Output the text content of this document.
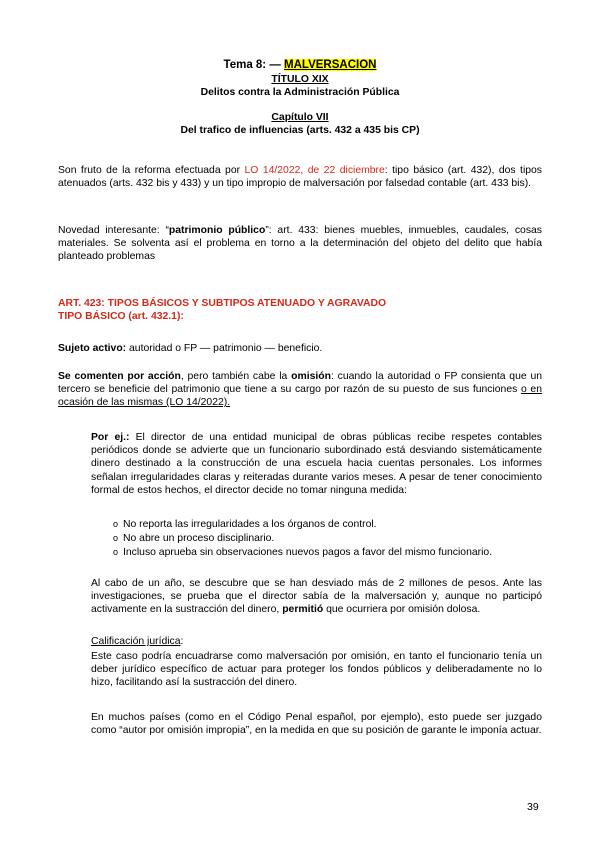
Tema 8: — MALVERSACION

TÍTULO XIX

Delitos contra la Administración Pública

Capítulo VII

Del trafico de influencias (arts. 432 a 435 bis CP)

Son fruto de la reforma efectuada por LO 14/2022, de 22 diciembre: tipo básico (art. 432), dos tipos atenuados (arts. 432 bis y 433) y un tipo impropio de malversación por falsedad contable (art. 433 bis).

Novedad interesante: “patrimonio público”: art. 433: bienes muebles, inmuebles, caudales, cosas materiales. Se solventa así el problema en torno a la determinación del objeto del delito que había planteado problemas

ART. 423: TIPOS BÁSICOS Y SUBTIPOS ATENUADO Y AGRAVADO

TIPO BÁSICO (art. 432.1):

Sujeto activo: autoridad o FP — patrimonio — beneficio.

Se comenten por acción, pero también cabe la omisión: cuando la autoridad o FP consienta que un tercero se beneficie del patrimonio que tiene a su cargo por razón de su puesto de sus funciones o en ocasión de las mismas (LO 14/2022).

Por ej.: El director de una entidad municipal de obras públicas recibe respetes contables periódicos donde se advierte que un funcionario subordinado está desviando sistemáticamente dinero destinado a la construcción de una escuela hacia cuentas personales. Los informes señalan irregularidades claras y reiteradas durante varios meses. A pesar de tener conocimiento formal de estos hechos, el director decide no tomar ninguna medida:

o No reporta las irregularidades a los órganos de control.
o No abre un proceso disciplinario.
o Incluso aprueba sin observaciones nuevos pagos a favor del mismo funcionario.

Al cabo de un año, se descubre que se han desviado más de 2 millones de pesos. Ante las investigaciones, se prueba que el director sabía de la malversación y, aunque no participó activamente en la sustracción del dinero, permitió que ocurriera por omisión dolosa.

Calificación jurídica:

Este caso podría encuadrarse como malversación por omisión, en tanto el funcionario tenía un deber jurídico específico de actuar para proteger los fondos públicos y deliberadamente no lo hizo, facilitando así la sustracción del dinero.

En muchos países (como en el Código Penal español, por ejemplo), esto puede ser juzgado como “autor por omisión impropia”, en la medida en que su posición de garante le imponía actuar.

39
